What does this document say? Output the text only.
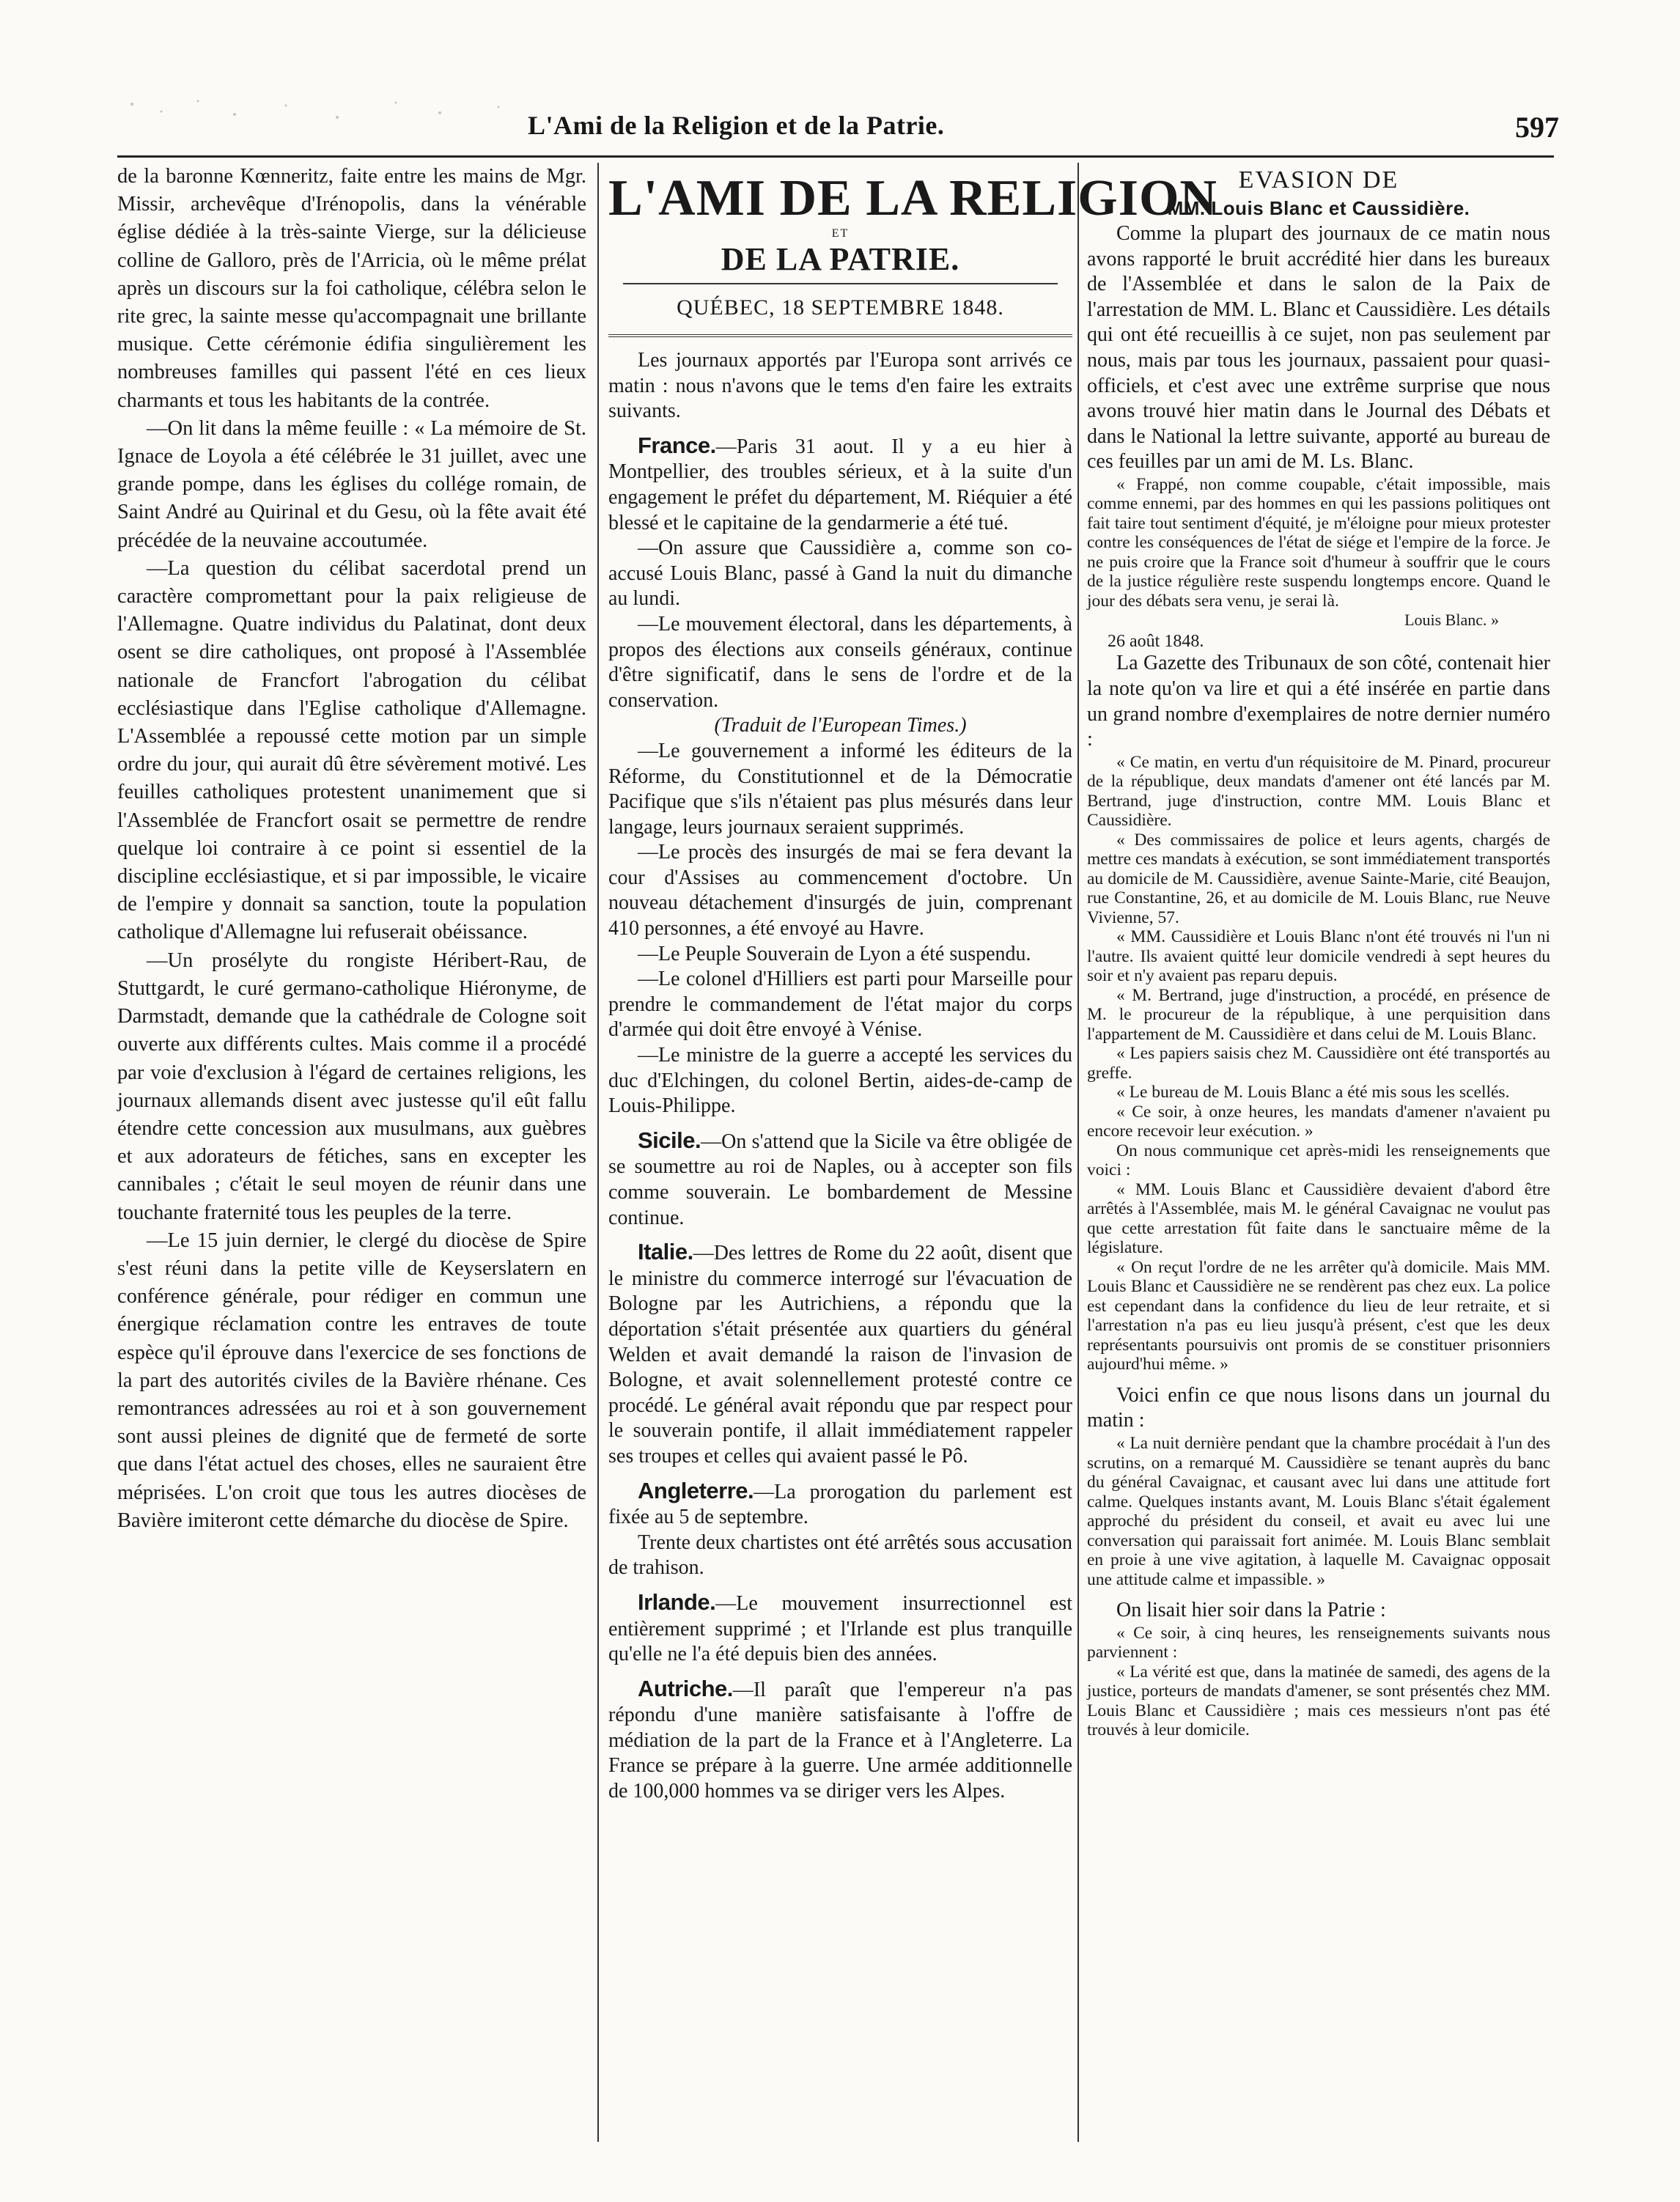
L'Ami de la Religion et de la Patrie.	597

de la baronne Kœnneritz, faite entre les mains de Mgr. Missir, archevêque d'Irénopolis, dans la vénérable église dédiée à la très-sainte Vierge, sur la délicieuse colline de Galloro, près de l'Arricia, où le même prélat après un discours sur la foi catholique, célébra selon le rite grec, la sainte messe qu'accompagnait une brillante musique. Cette cérémonie édifia singulièrement les nombreuses familles qui passent l'été en ces lieux charmants et tous les habitants de la contrée.

—On lit dans la même feuille : « La mémoire de St. Ignace de Loyola a été célébrée le 31 juillet, avec une grande pompe, dans les églises du collége romain, de Saint André au Quirinal et du Gesu, où la fête avait été précédée de la neuvaine accoutumée.

—La question du célibat sacerdotal prend un caractère compromettant pour la paix religieuse de l'Allemagne. Quatre individus du Palatinat, dont deux osent se dire catholiques, ont proposé à l'Assemblée nationale de Francfort l'abrogation du célibat ecclésiastique dans l'Eglise catholique d'Allemagne. L'Assemblée a repoussé cette motion par un simple ordre du jour, qui aurait dû être sévèrement motivé. Les feuilles catholiques protestent unanimement que si l'Assemblée de Francfort osait se permettre de rendre quelque loi contraire à ce point si essentiel de la discipline ecclésiastique, et si par impossible, le vicaire de l'empire y donnait sa sanction, toute la population catholique d'Allemagne lui refuserait obéissance.

—Un prosélyte du rongiste Héribert-Rau, de Stuttgardt, le curé germano-catholique Hiéronyme, de Darmstadt, demande que la cathédrale de Cologne soit ouverte aux différents cultes. Mais comme il a procédé par voie d'exclusion à l'égard de certaines religions, les journaux allemands disent avec justesse qu'il eût fallu étendre cette concession aux musulmans, aux guèbres et aux adorateurs de fétiches, sans en excepter les cannibales ; c'était le seul moyen de réunir dans une touchante fraternité tous les peuples de la terre.

—Le 15 juin dernier, le clergé du diocèse de Spire s'est réuni dans la petite ville de Keyserslatern en conférence générale, pour rédiger en commun une énergique réclamation contre les entraves de toute espèce qu'il éprouve dans l'exercice de ses fonctions de la part des autorités civiles de la Bavière rhénane. Ces remontrances adressées au roi et à son gouvernement sont aussi pleines de dignité que de fermeté de sorte que dans l'état actuel des choses, elles ne sauraient être méprisées. L'on croit que tous les autres diocèses de Bavière imiteront cette démarche du diocèse de Spire.

L'AMI DE LA RELIGION
ET
DE LA PATRIE.
QUÉBEC, 18 SEPTEMBRE 1848.

Les journaux apportés par l'Europa sont arrivés ce matin : nous n'avons que le tems d'en faire les extraits suivants.

France.—Paris 31 aout. Il y a eu hier à Montpellier, des troubles sérieux, et à la suite d'un engagement le préfet du département, M. Riéquier a été blessé et le capitaine de la gendarmerie a été tué.

—On assure que Caussidière a, comme son co-accusé Louis Blanc, passé à Gand la nuit du dimanche au lundi.

—Le mouvement électoral, dans les départements, à propos des élections aux conseils généraux, continue d'être significatif, dans le sens de l'ordre et de la conservation.

(Traduit de l'European Times.)

—Le gouvernement a informé les éditeurs de la Réforme, du Constitutionnel et de la Démocratie Pacifique que s'ils n'étaient pas plus mésurés dans leur langage, leurs journaux seraient supprimés.

—Le procès des insurgés de mai se fera devant la cour d'Assises au commencement d'octobre. Un nouveau détachement d'insurgés de juin, comprenant 410 personnes, a été envoyé au Havre.

—Le Peuple Souverain de Lyon a été suspendu.

—Le colonel d'Hilliers est parti pour Marseille pour prendre le commandement de l'état major du corps d'armée qui doit être envoyé à Vénise.

—Le ministre de la guerre a accepté les services du duc d'Elchingen, du colonel Bertin, aides-de-camp de Louis-Philippe.

Sicile.—On s'attend que la Sicile va être obligée de se soumettre au roi de Naples, ou à accepter son fils comme souverain. Le bombardement de Messine continue.

Italie.—Des lettres de Rome du 22 août, disent que le ministre du commerce interrogé sur l'évacuation de Bologne par les Autrichiens, a répondu que la déportation s'était présentée aux quartiers du général Welden et avait demandé la raison de l'invasion de Bologne, et avait solennellement protesté contre ce procédé. Le général avait répondu que par respect pour le souverain pontife, il allait immédiatement rappeler ses troupes et celles qui avaient passé le Pô.

Angleterre.—La prorogation du parlement est fixée au 5 de septembre.

Trente deux chartistes ont été arrêtés sous accusation de trahison.

Irlande.—Le mouvement insurrectionnel est entièrement supprimé ; et l'Irlande est plus tranquille qu'elle ne l'a été depuis bien des années.

Autriche.—Il paraît que l'empereur n'a pas répondu d'une manière satisfaisante à l'offre de médiation de la part de la France et à l'Angleterre. La France se prépare à la guerre. Une armée additionnelle de 100,000 hommes va se diriger vers les Alpes.

EVASION DE
MM. Louis Blanc et Caussidière.

Comme la plupart des journaux de ce matin nous avons rapporté le bruit accrédité hier dans les bureaux de l'Assemblée et dans le salon de la Paix de l'arrestation de MM. L. Blanc et Caussidière. Les détails qui ont été recueillis à ce sujet, non pas seulement par nous, mais par tous les journaux, passaient pour quasi-officiels, et c'est avec une extrême surprise que nous avons trouvé hier matin dans le Journal des Débats et dans le National la lettre suivante, apporté au bureau de ces feuilles par un ami de M. Ls. Blanc.

« Frappé, non comme coupable, c'était impossible, mais comme ennemi, par des hommes en qui les passions politiques ont fait taire tout sentiment d'équité, je m'éloigne pour mieux protester contre les conséquences de l'état de siége et l'empire de la force. Je ne puis croire que la France soit d'humeur à souffrir que le cours de la justice régulière reste suspendu longtemps encore. Quand le jour des débats sera venu, je serai là.

Louis Blanc. »

26 août 1848.

La Gazette des Tribunaux de son côté, contenait hier la note qu'on va lire et qui a été insérée en partie dans un grand nombre d'exemplaires de notre dernier numéro :

« Ce matin, en vertu d'un réquisitoire de M. Pinard, procureur de la république, deux mandats d'amener ont été lancés par M. Bertrand, juge d'instruction, contre MM. Louis Blanc et Caussidière.

« Des commissaires de police et leurs agents, chargés de mettre ces mandats à exécution, se sont immédiatement transportés au domicile de M. Caussidière, avenue Sainte-Marie, cité Beaujon, rue Constantine, 26, et au domicile de M. Louis Blanc, rue Neuve Vivienne, 57.

« MM. Caussidière et Louis Blanc n'ont été trouvés ni l'un ni l'autre. Ils avaient quitté leur domicile vendredi à sept heures du soir et n'y avaient pas reparu depuis.

« M. Bertrand, juge d'instruction, a procédé, en présence de M. le procureur de la république, à une perquisition dans l'appartement de M. Caussidière et dans celui de M. Louis Blanc.

« Les papiers saisis chez M. Caussidière ont été transportés au greffe.

« Le bureau de M. Louis Blanc a été mis sous les scellés.

« Ce soir, à onze heures, les mandats d'amener n'avaient pu encore recevoir leur exécution. »

On nous communique cet après-midi les renseignements que voici :

« MM. Louis Blanc et Caussidière devaient d'abord être arrêtés à l'Assemblée, mais M. le général Cavaignac ne voulut pas que cette arrestation fût faite dans le sanctuaire même de la législature.

« On reçut l'ordre de ne les arrêter qu'à domicile. Mais MM. Louis Blanc et Caussidière ne se rendèrent pas chez eux. La police est cependant dans la confidence du lieu de leur retraite, et si l'arrestation n'a pas eu lieu jusqu'à présent, c'est que les deux représentants poursuivis ont promis de se constituer prisonniers aujourd'hui même. »

Voici enfin ce que nous lisons dans un journal du matin :

« La nuit dernière pendant que la chambre procédait à l'un des scrutins, on a remarqué M. Caussidière se tenant auprès du banc du général Cavaignac, et causant avec lui dans une attitude fort calme. Quelques instants avant, M. Louis Blanc s'était également approché du président du conseil, et avait eu avec lui une conversation qui paraissait fort animée. M. Louis Blanc semblait en proie à une vive agitation, à laquelle M. Cavaignac opposait une attitude calme et impassible. »

On lisait hier soir dans la Patrie :

« Ce soir, à cinq heures, les renseignements suivants nous parviennent :

« La vérité est que, dans la matinée de samedi, des agens de la justice, porteurs de mandats d'amener, se sont présentés chez MM. Louis Blanc et Caussidière ; mais ces messieurs n'ont pas été trouvés à leur domicile.
